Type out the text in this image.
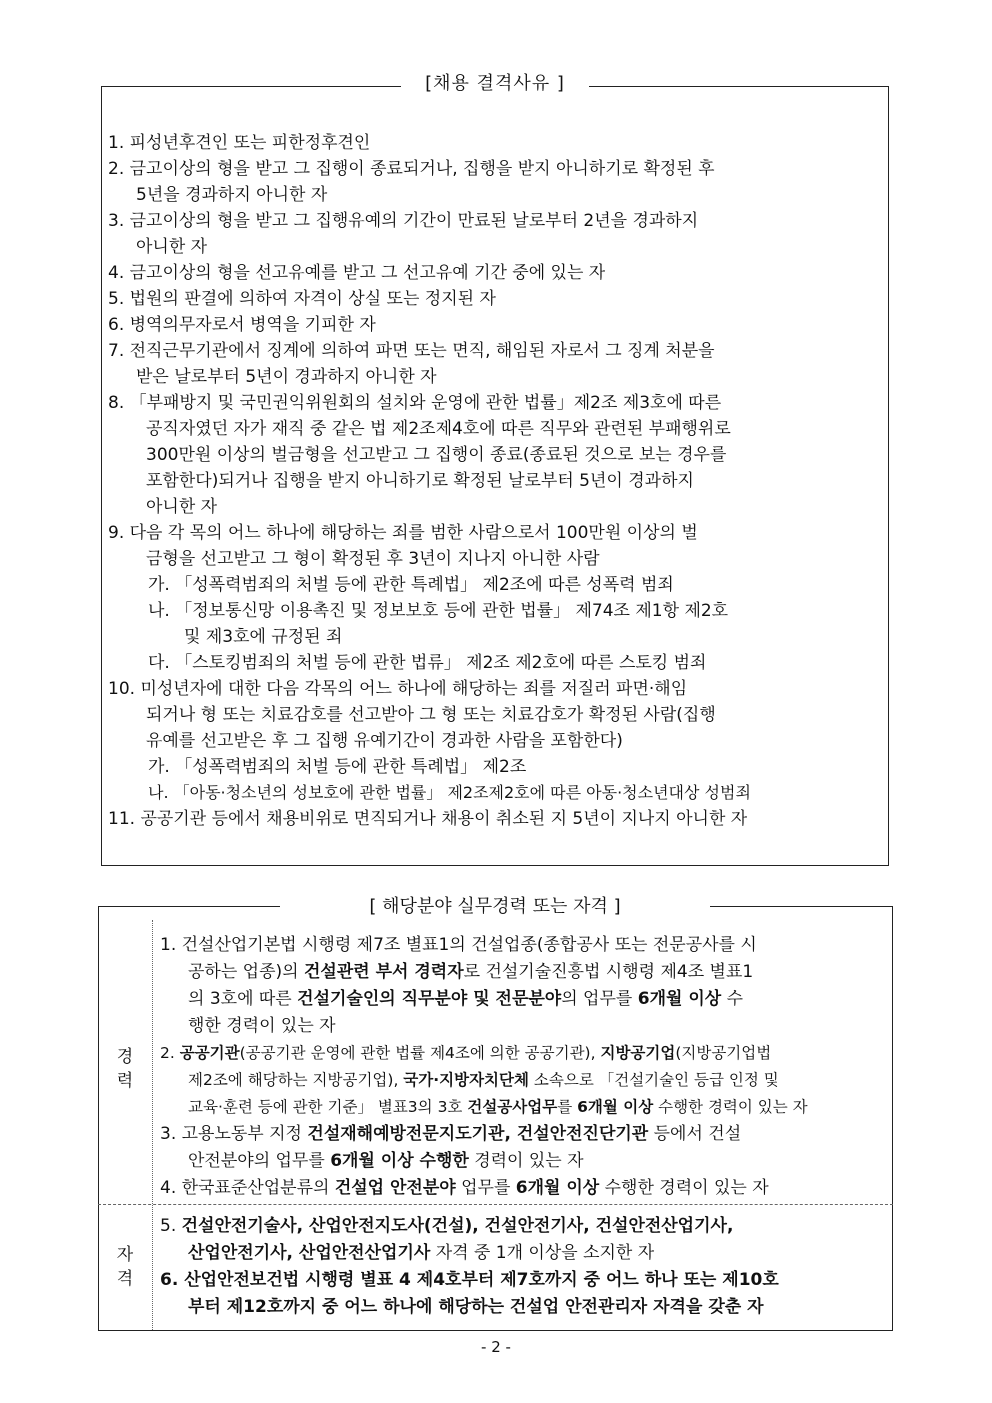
[채용 결격사유 ]
1. 피성년후견인 또는 피한정후견인
2. 금고이상의 형을 받고 그 집행이 종료되거나, 집행을 받지 아니하기로 확정된 후
5년을 경과하지 아니한 자
3. 금고이상의 형을 받고 그 집행유예의 기간이 만료된 날로부터 2년을 경과하지
아니한 자
4. 금고이상의 형을 선고유예를 받고 그 선고유예 기간 중에 있는 자
5. 법원의 판결에 의하여 자격이 상실 또는 정지된 자
6. 병역의무자로서 병역을 기피한 자
7. 전직근무기관에서 징계에 의하여 파면 또는 면직, 해임된 자로서 그 징계 처분을
받은 날로부터 5년이 경과하지 아니한 자
8. 「부패방지 및 국민권익위원회의 설치와 운영에 관한 법률」제2조 제3호에 따른
공직자였던 자가 재직 중 같은 법 제2조제4호에 따른 직무와 관련된 부패행위로
300만원 이상의 벌금형을 선고받고 그 집행이 종료(종료된 것으로 보는 경우를
포함한다)되거나 집행을 받지 아니하기로 확정된 날로부터 5년이 경과하지
아니한 자
9. 다음 각 목의 어느 하나에 해당하는 죄를 범한 사람으로서 100만원 이상의 벌
금형을 선고받고 그 형이 확정된 후 3년이 지나지 아니한 사람
가. 「성폭력범죄의 처벌 등에 관한 특례법」 제2조에 따른 성폭력 범죄
나. 「정보통신망 이용촉진 및 정보보호 등에 관한 법률」 제74조 제1항 제2호
및 제3호에 규정된 죄
다. 「스토킹범죄의 처벌 등에 관한 법류」 제2조 제2호에 따른 스토킹 범죄
10. 미성년자에 대한 다음 각목의 어느 하나에 해당하는 죄를 저질러 파면·해임
되거나 형 또는 치료감호를 선고받아 그 형 또는 치료감호가 확정된 사람(집행
유예를 선고받은 후 그 집행 유예기간이 경과한 사람을 포함한다)
가. 「성폭력범죄의 처벌 등에 관한 특례법」 제2조
나. 「아동·청소년의 성보호에 관한 법률」 제2조제2호에 따른 아동·청소년대상 성범죄
11. 공공기관 등에서 채용비위로 면직되거나 채용이 취소된 지 5년이 지나지 아니한 자
[ 해당분야 실무경력 또는 자격 ]
경
력
자
격
1. 건설산업기본법 시행령 제7조 별표1의 건설업종(종합공사 또는 전문공사를 시
공하는 업종)의 건설관련 부서 경력자로 건설기술진흥법 시행령 제4조 별표1
의 3호에 따른 건설기술인의 직무분야 및 전문분야의 업무를 6개월 이상 수
행한 경력이 있는 자
2. 공공기관(공공기관 운영에 관한 법률 제4조에 의한 공공기관), 지방공기업(지방공기업법
제2조에 해당하는 지방공기업), 국가·지방자치단체 소속으로 「건설기술인 등급 인정 및
교육·훈련 등에 관한 기준」 별표3의 3호 건설공사업무를 6개월 이상 수행한 경력이 있는 자
3. 고용노동부 지정 건설재해예방전문지도기관, 건설안전진단기관 등에서 건설
안전분야의 업무를 6개월 이상 수행한 경력이 있는 자
4. 한국표준산업분류의 건설업 안전분야 업무를 6개월 이상 수행한 경력이 있는 자
5. 건설안전기술사, 산업안전지도사(건설), 건설안전기사, 건설안전산업기사,
산업안전기사, 산업안전산업기사 자격 중 1개 이상을 소지한 자
6. 산업안전보건법 시행령 별표 4 제4호부터 제7호까지 중 어느 하나 또는 제10호
부터 제12호까지 중 어느 하나에 해당하는 건설업 안전관리자 자격을 갖춘 자
- 2 -
